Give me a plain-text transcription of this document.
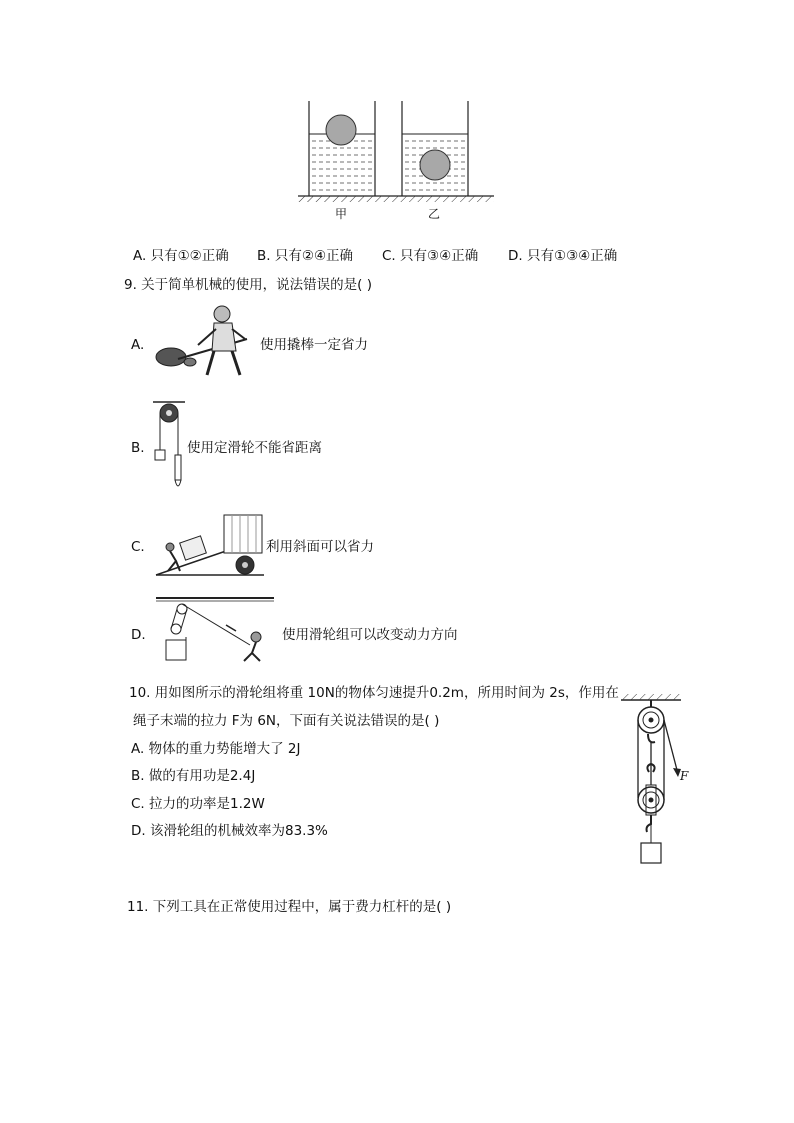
甲	乙
A. 只有①②正确 B. 只有②④正确 C. 只有③④正确 D. 只有①③④正确
9. 关于简单机械的使用，说法错误的是( )
A.	使用撬棒一定省力
B.	使用定滑轮不能省距离
C.	利用斜面可以省力
D.	使用滑轮组可以改变动力方向
10. 用如图所示的滑轮组将重 10N的物体匀速提升0.2m，所用时间为 2s，作用在
绳子末端的拉力 F为 6N，下面有关说法错误的是( )
A. 物体的重力势能增大了 2J
B. 做的有用功是2.4J
C. 拉力的功率是1.2W
D. 该滑轮组的机械效率为83.3%
F
11. 下列工具在正常使用过程中，属于费力杠杆的是( )
